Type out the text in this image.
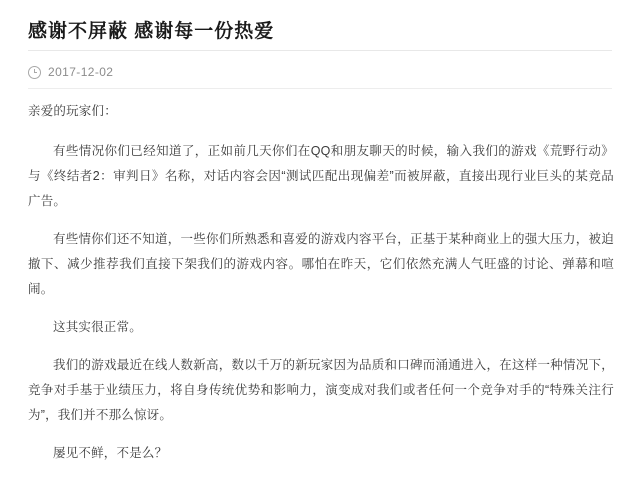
感谢不屏蔽 感谢每一份热爱
2017-12-02

亲爱的玩家们：

有些情况你们已经知道了，正如前几天你们在QQ和朋友聊天的时候，输入我们的游戏《荒野行动》与《终结者2：审判日》名称，对话内容会因“测试匹配出现偏差”而被屏蔽，直接出现行业巨头的某竞品广告。

有些情你们还不知道，一些你们所熟悉和喜爱的游戏内容平台，正基于某种商业上的强大压力，被迫撤下、减少推荐我们直接下架我们的游戏内容。哪怕在昨天，它们依然充满人气旺盛的讨论、弹幕和喧闹。

这其实很正常。

我们的游戏最近在线人数新高，数以千万的新玩家因为品质和口碑而涌通进入，在这样一种情况下，竞争对手基于业绩压力，将自身传统优势和影响力，演变成对我们或者任何一个竞争对手的“特殊关注行为”，我们并不那么惊讶。

屡见不鲜，不是么？
